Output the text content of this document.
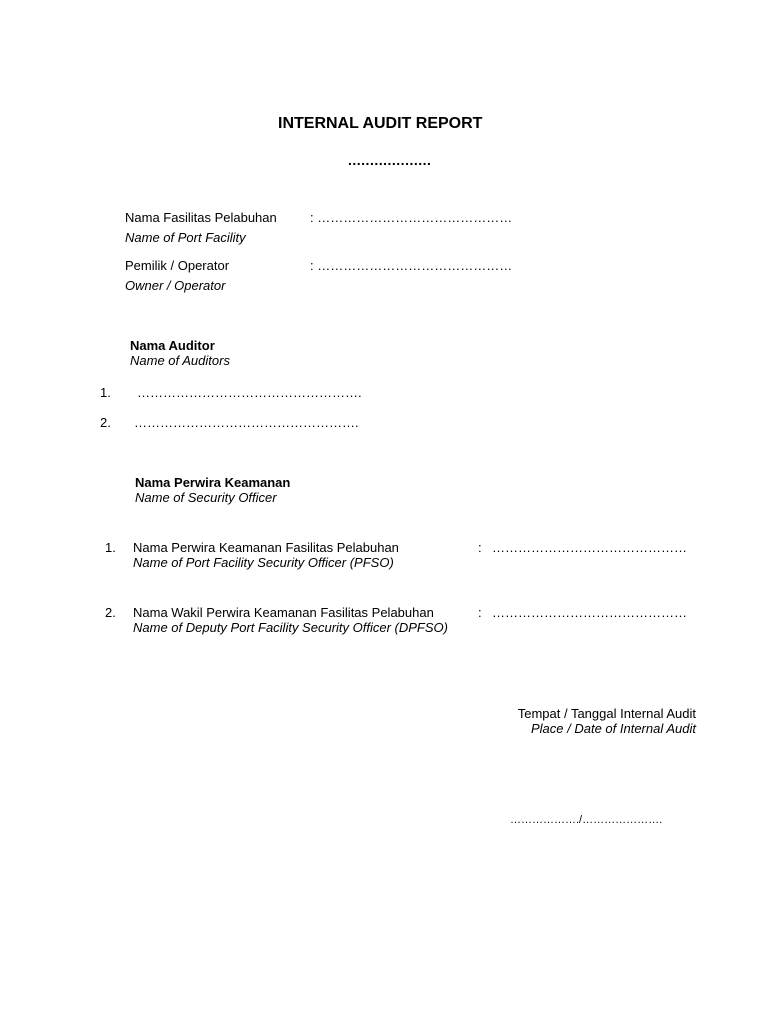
INTERNAL AUDIT REPORT
...................
Nama Fasilitas Pelabuhan
Name of Port Facility
: ………………………………………
Pemilik / Operator
Owner / Operator
: ………………………………………
Nama Auditor
Name of Auditors
1. …………………………………………….
2. …………………………………………….
Nama Perwira Keamanan
Name of Security Officer
1. Nama Perwira Keamanan Fasilitas Pelabuhan
Name of Port Facility Security Officer (PFSO)
: ………………………………………
2. Nama Wakil Perwira Keamanan Fasilitas Pelabuhan
Name of Deputy Port Facility Security Officer (DPFSO)
: ………………………………………
Tempat / Tanggal Internal Audit
Place / Date of Internal Audit
………………./………………….
